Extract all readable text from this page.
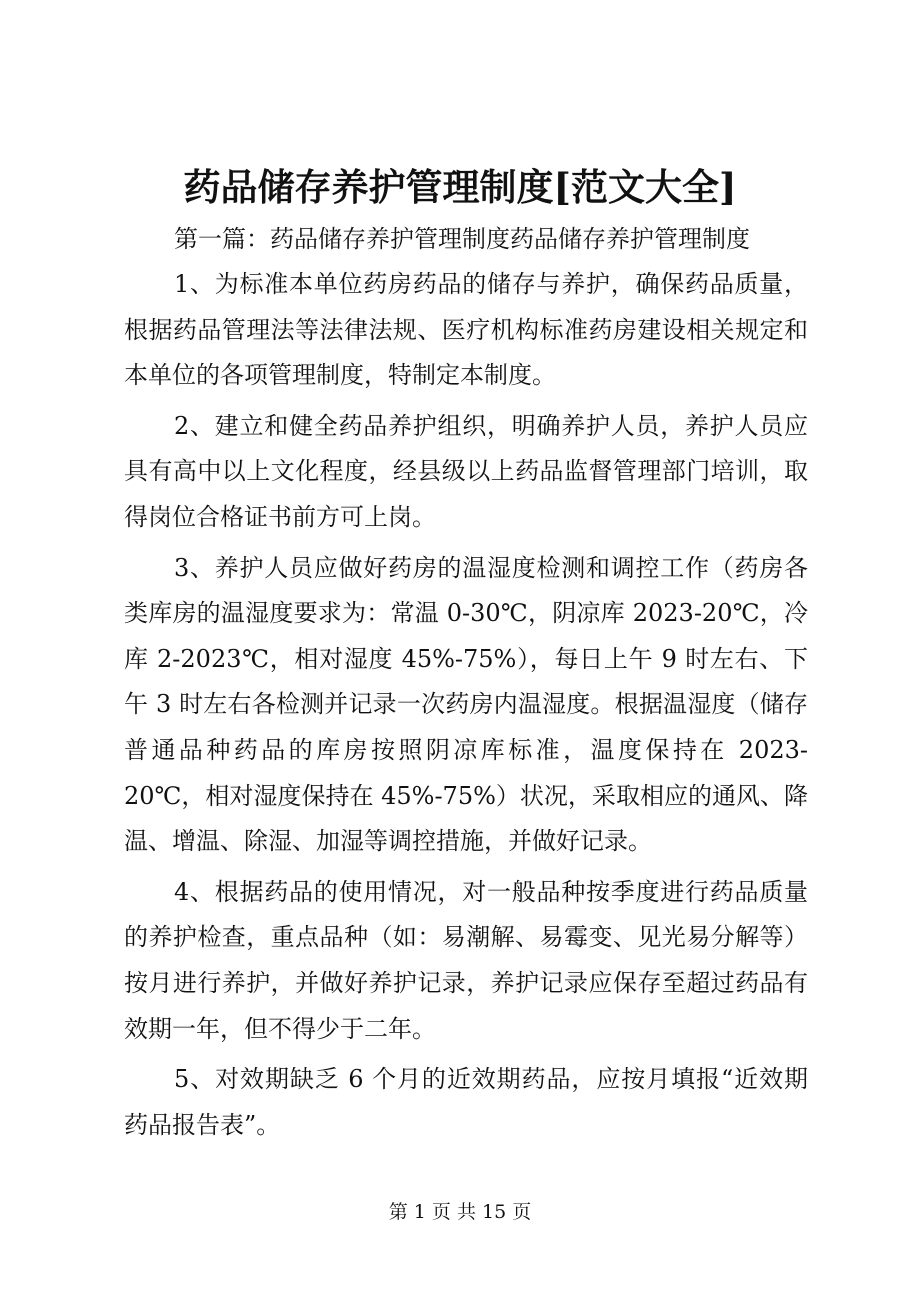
药品储存养护管理制度[范文大全]
第一篇：药品储存养护管理制度药品储存养护管理制度

1、为标准本单位药房药品的储存与养护，确保药品质量，根据药品管理法等法律法规、医疗机构标准药房建设相关规定和本单位的各项管理制度，特制定本制度。

2、建立和健全药品养护组织，明确养护人员，养护人员应具有高中以上文化程度，经县级以上药品监督管理部门培训，取得岗位合格证书前方可上岗。

3、养护人员应做好药房的温湿度检测和调控工作（药房各类库房的温湿度要求为：常温 0-30℃，阴凉库 2023-20℃，冷库 2-2023℃，相对湿度 45%-75%），每日上午 9 时左右、下午 3 时左右各检测并记录一次药房内温湿度。根据温湿度（储存普通品种药品的库房按照阴凉库标准，温度保持在 2023-20℃，相对湿度保持在 45%-75%）状况，采取相应的通风、降温、增温、除湿、加湿等调控措施，并做好记录。

4、根据药品的使用情况，对一般品种按季度进行药品质量的养护检查，重点品种（如：易潮解、易霉变、见光易分解等）按月进行养护，并做好养护记录，养护记录应保存至超过药品有效期一年，但不得少于二年。

5、对效期缺乏 6 个月的近效期药品，应按月填报“近效期药品报告表”。

第 1 页 共 15 页
